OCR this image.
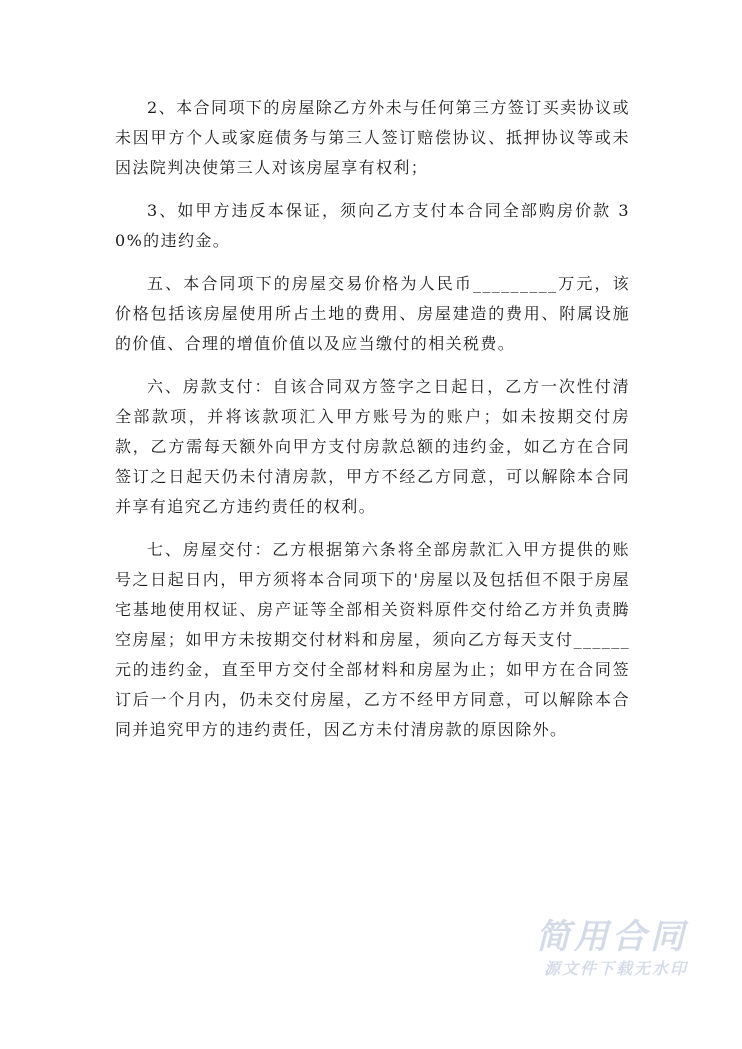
2、本合同项下的房屋除乙方外未与任何第三方签订买卖协议或未因甲方个人或家庭债务与第三人签订赔偿协议、抵押协议等或未因法院判决使第三人对该房屋享有权利；

3、如甲方违反本保证，须向乙方支付本合同全部购房价款 30%的违约金。

五、本合同项下的房屋交易价格为人民币_________万元，该价格包括该房屋使用所占土地的费用、房屋建造的费用、附属设施的价值、合理的增值价值以及应当缴付的相关税费。

六、房款支付：自该合同双方签字之日起日，乙方一次性付清全部款项，并将该款项汇入甲方账号为的账户；如未按期交付房款，乙方需每天额外向甲方支付房款总额的违约金，如乙方在合同签订之日起天仍未付清房款，甲方不经乙方同意，可以解除本合同并享有追究乙方违约责任的权利。

七、房屋交付：乙方根据第六条将全部房款汇入甲方提供的账号之日起日内，甲方须将本合同项下的'房屋以及包括但不限于房屋宅基地使用权证、房产证等全部相关资料原件交付给乙方并负责腾空房屋；如甲方未按期交付材料和房屋，须向乙方每天支付______元的违约金，直至甲方交付全部材料和房屋为止；如甲方在合同签订后一个月内，仍未交付房屋，乙方不经甲方同意，可以解除本合同并追究甲方的违约责任，因乙方未付清房款的原因除外。

简用合同
源文件下载无水印
